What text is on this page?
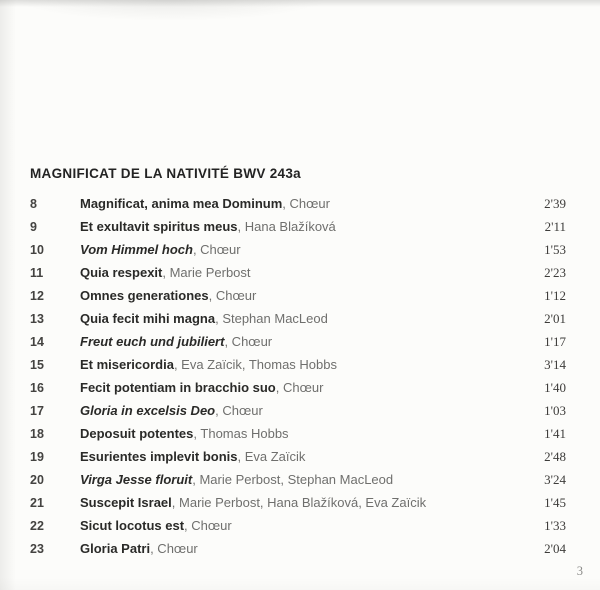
MAGNIFICAT DE LA NATIVITÉ BWV 243a
8	Magnificat, anima mea Dominum, Chœur	2'39
9	Et exultavit spiritus meus, Hana Blažíková	2'11
10	Vom Himmel hoch, Chœur	1'53
11	Quia respexit, Marie Perbost	2'23
12	Omnes generationes, Chœur	1'12
13	Quia fecit mihi magna, Stephan MacLeod	2'01
14	Freut euch und jubiliert, Chœur	1'17
15	Et misericordia, Eva Zaïcik, Thomas Hobbs	3'14
16	Fecit potentiam in bracchio suo, Chœur	1'40
17	Gloria in excelsis Deo, Chœur	1'03
18	Deposuit potentes, Thomas Hobbs	1'41
19	Esurientes implevit bonis, Eva Zaïcik	2'48
20	Virga Jesse floruit, Marie Perbost, Stephan MacLeod	3'24
21	Suscepit Israel, Marie Perbost, Hana Blažíková, Eva Zaïcik	1'45
22	Sicut locotus est, Chœur	1'33
23	Gloria Patri, Chœur	2'04
3
